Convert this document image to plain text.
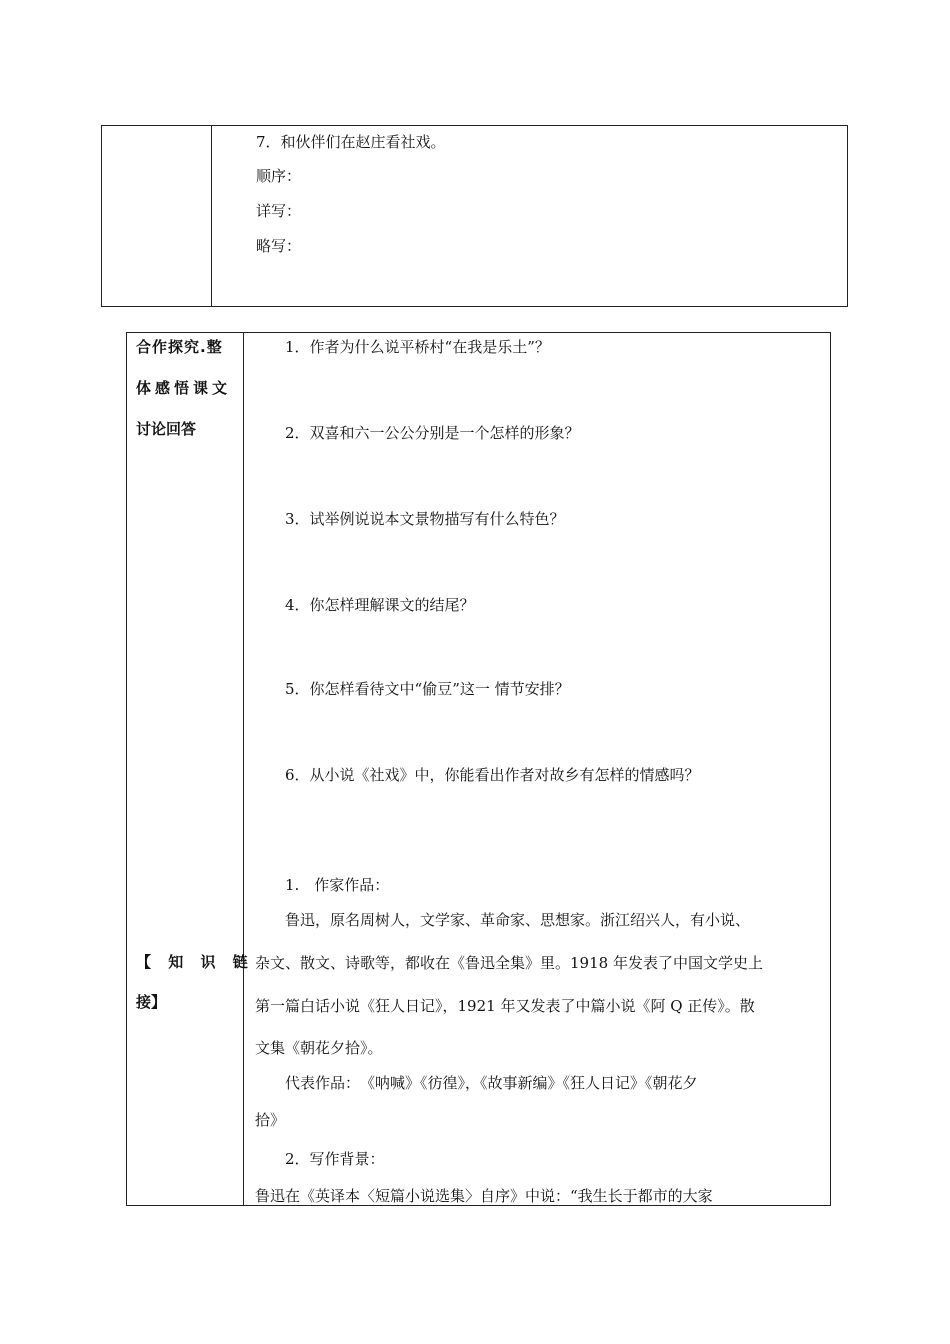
7．和伙伴们在赵庄看社戏。
顺序：
详写：
略写：
合作探究.整
体感悟课文
讨论回答
1．作者为什么说平桥村“在我是乐土”？
2．双喜和六一公公分别是一个怎样的形象？
3．试举例说说本文景物描写有什么特色？
4．你怎样理解课文的结尾？
5．你怎样看待文中“偷豆”这一 情节安排？
6．从小说《社戏》中，你能看出作者对故乡有怎样的情感吗？
【 知 识 链
接】
1.　作家作品：
鲁迅，原名周树人，文学家、革命家、思想家。浙江绍兴人，有小说、
杂文、散文、诗歌等，都收在《鲁迅全集》里。1918 年发表了中国文学史上
第一篇白话小说《狂人日记》，1921 年又发表了中篇小说《阿 Q 正传》。散
文集《朝花夕拾》。
代表作品：　《呐喊》《彷徨》，《故事新编》《狂人日记》《朝花夕
拾》
2．写作背景：
鲁迅在《英译本〈短篇小说选集〉自序》中说：“我生长于都市的大家
